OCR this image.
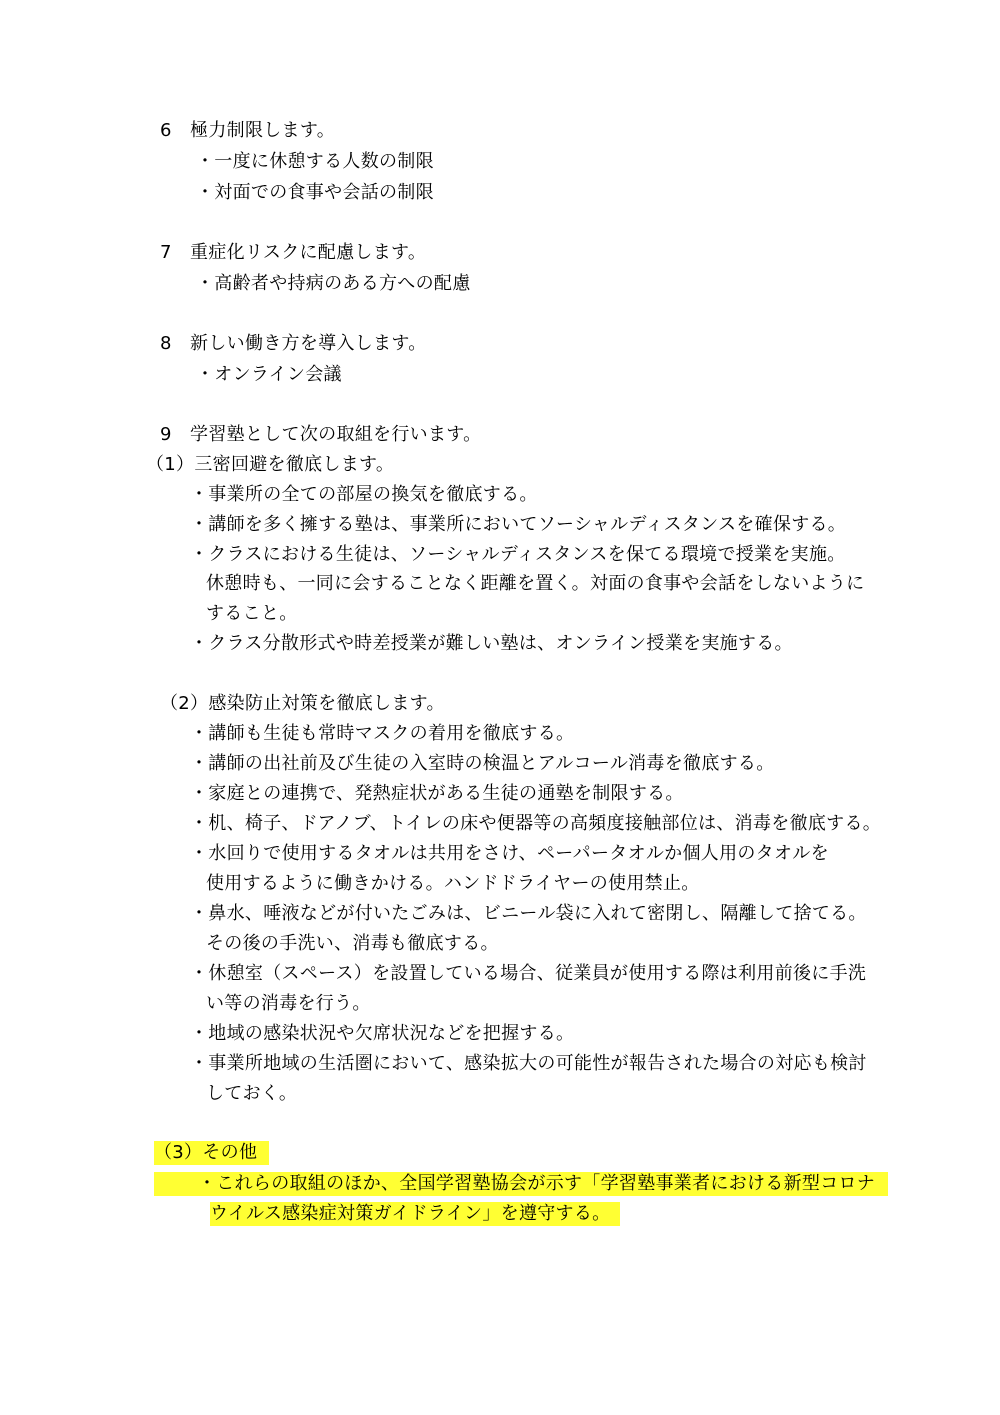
6　極力制限します。
・一度に休憩する人数の制限
・対面での食事や会話の制限
7　重症化リスクに配慮します。
・高齢者や持病のある方への配慮
8　新しい働き方を導入します。
・オンライン会議
9　学習塾として次の取組を行います。
（1）三密回避を徹底します。
・事業所の全ての部屋の換気を徹底する。
・講師を多く擁する塾は、事業所においてソーシャルディスタンスを確保する。
・クラスにおける生徒は、ソーシャルディスタンスを保てる環境で授業を実施。
休憩時も、一同に会することなく距離を置く。対面の食事や会話をしないように
すること。
・クラス分散形式や時差授業が難しい塾は、オンライン授業を実施する。
（2）感染防止対策を徹底します。
・講師も生徒も常時マスクの着用を徹底する。
・講師の出社前及び生徒の入室時の検温とアルコール消毒を徹底する。
・家庭との連携で、発熱症状がある生徒の通塾を制限する。
・机、椅子、ドアノブ、トイレの床や便器等の高頻度接触部位は、消毒を徹底する。
・水回りで使用するタオルは共用をさけ、ペーパータオルか個人用のタオルを
使用するように働きかける。ハンドドライヤーの使用禁止。
・鼻水、唾液などが付いたごみは、ビニール袋に入れて密閉し、隔離して捨てる。
その後の手洗い、消毒も徹底する。
・休憩室（スペース）を設置している場合、従業員が使用する際は利用前後に手洗
い等の消毒を行う。
・地域の感染状況や欠席状況などを把握する。
・事業所地域の生活圏において、感染拡大の可能性が報告された場合の対応も検討
しておく。
（3）その他
・これらの取組のほか、全国学習塾協会が示す「学習塾事業者における新型コロナ
ウイルス感染症対策ガイドライン」を遵守する。
